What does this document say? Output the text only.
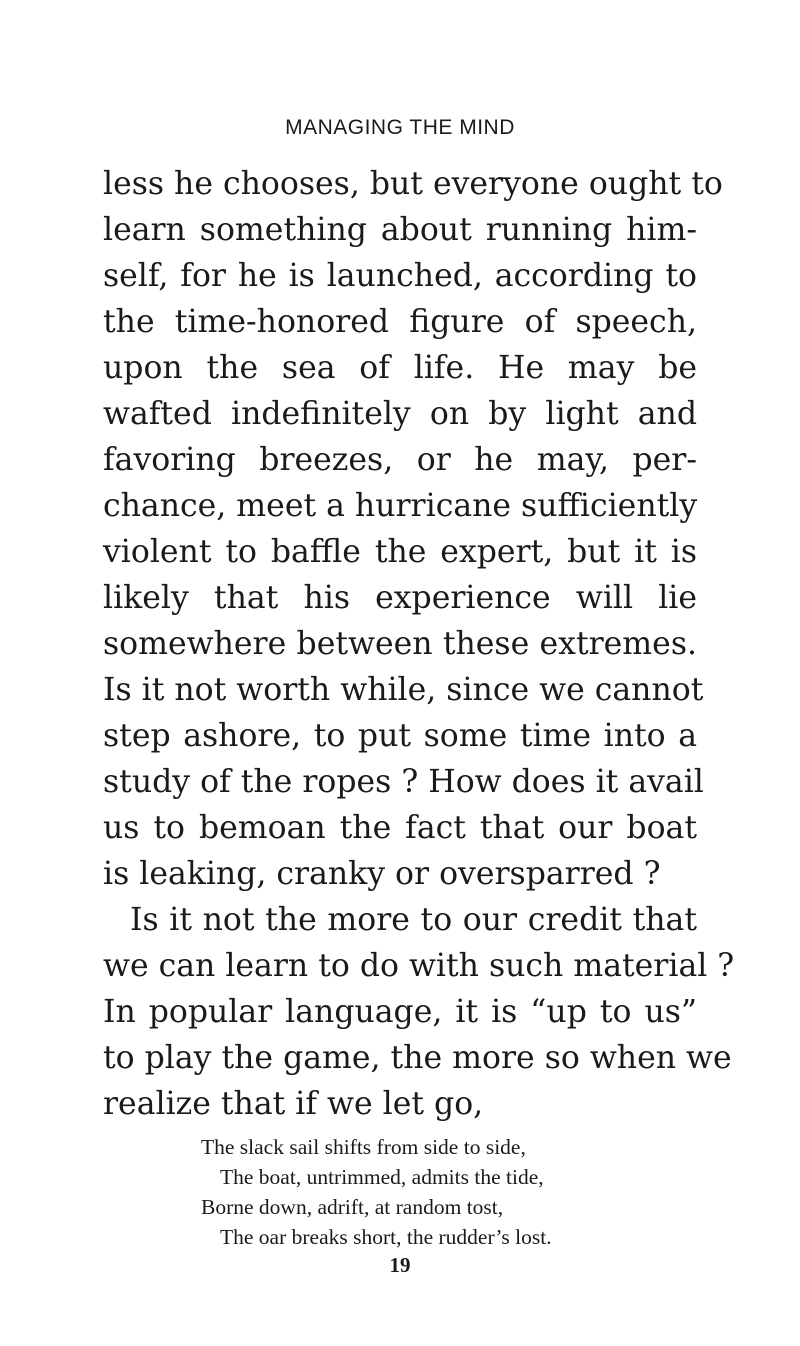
MANAGING THE MIND
less he chooses, but everyone ought to
learn something about running him-
self, for he is launched, according to
the time-honored figure of speech,
upon the sea of life. He may be
wafted indefinitely on by light and
favoring breezes, or he may, per-
chance, meet a hurricane sufficiently
violent to baffle the expert, but it is
likely that his experience will lie
somewhere between these extremes.
Is it not worth while, since we cannot
step ashore, to put some time into a
study of the ropes ? How does it avail
us to bemoan the fact that our boat
is leaking, cranky or oversparred ?
Is it not the more to our credit that
we can learn to do with such material ?
In popular language, it is “up to us”
to play the game, the more so when we
realize that if we let go,
The slack sail shifts from side to side,
The boat, untrimmed, admits the tide,
Borne down, adrift, at random tost,
The oar breaks short, the rudder’s lost.
19
